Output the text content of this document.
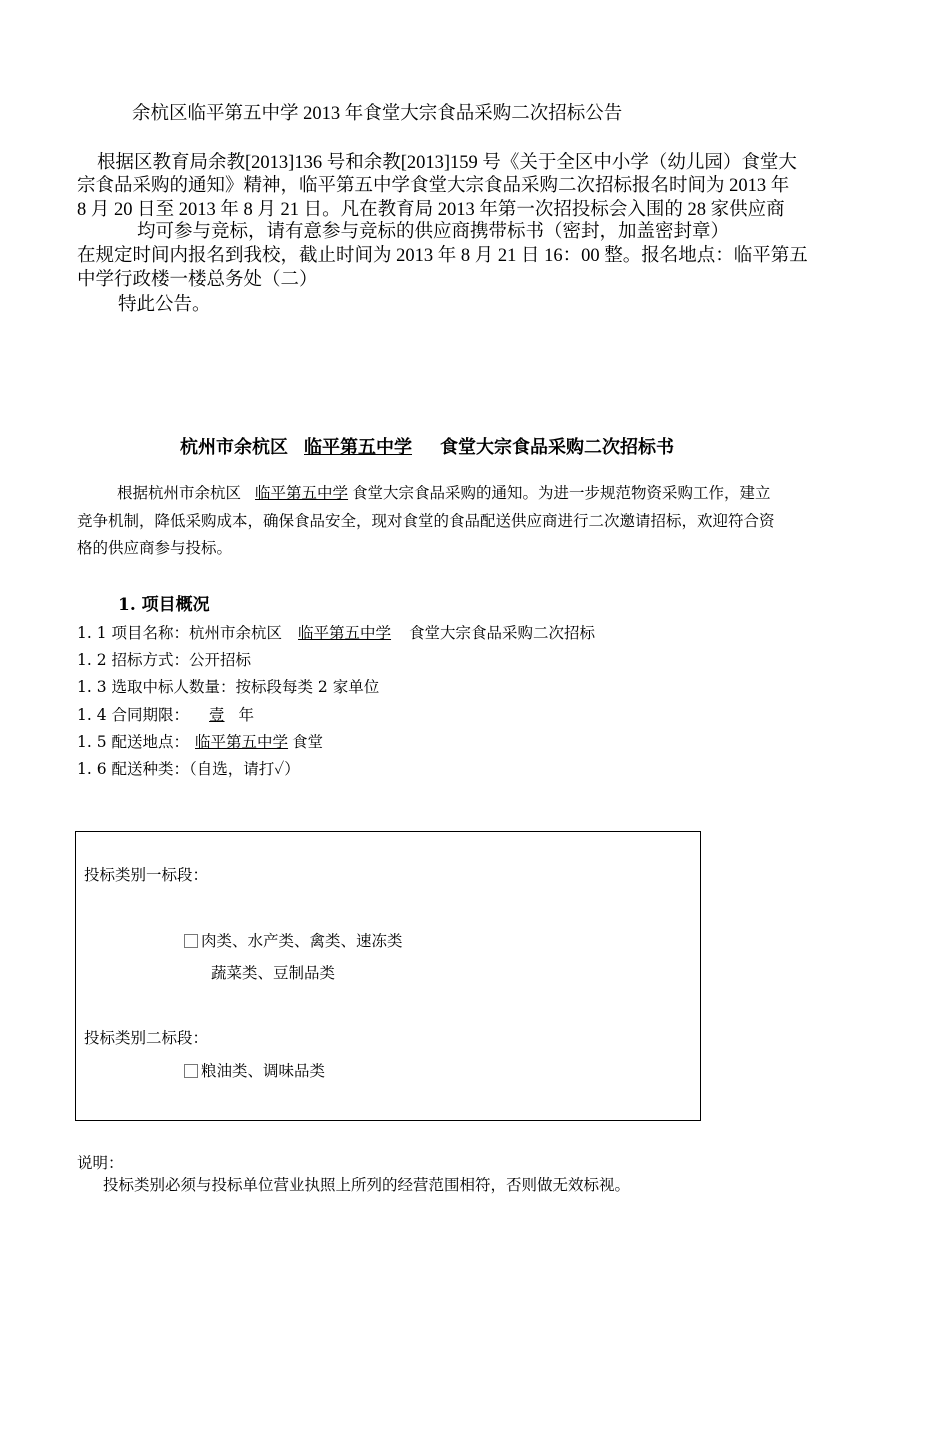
余杭区临平第五中学 2013 年食堂大宗食品采购二次招标公告
根据区教育局余教[2013]136 号和余教[2013]159 号《关于全区中小学（幼儿园）食堂大
宗食品采购的通知》精神，临平第五中学食堂大宗食品采购二次招标报名时间为 2013 年
8 月 20 日至 2013 年 8 月 21 日。凡在教育局 2013 年第一次招投标会入围的 28 家供应商
均可参与竞标，请有意参与竞标的供应商携带标书（密封，加盖密封章）
在规定时间内报名到我校，截止时间为 2013 年 8 月 21 日 16：00 整。报名地点：临平第五
中学行政楼一楼总务处（二）
特此公告。
杭州市余杭区 临平第五中学 食堂大宗食品采购二次招标书
根据杭州市余杭区 临平第五中学 食堂大宗食品采购的通知。为进一步规范物资采购工作，建立
竞争机制，降低采购成本，确保食品安全，现对食堂的食品配送供应商进行二次邀请招标，欢迎符合资
格的供应商参与投标。
1. 项目概况
1. 1 项目名称：杭州市余杭区 临平第五中学 食堂大宗食品采购二次招标
1. 2 招标方式：公开招标
1. 3 选取中标人数量：按标段每类 2 家单位
1. 4 合同期限： 壹 年
1. 5 配送地点： 临平第五中学 食堂
1. 6 配送种类：（自选，请打✓）
投标类别一标段：
肉类、水产类、禽类、速冻类
蔬菜类、豆制品类
投标类别二标段：
粮油类、调味品类
说明：
投标类别必须与投标单位营业执照上所列的经营范围相符，否则做无效标视。
